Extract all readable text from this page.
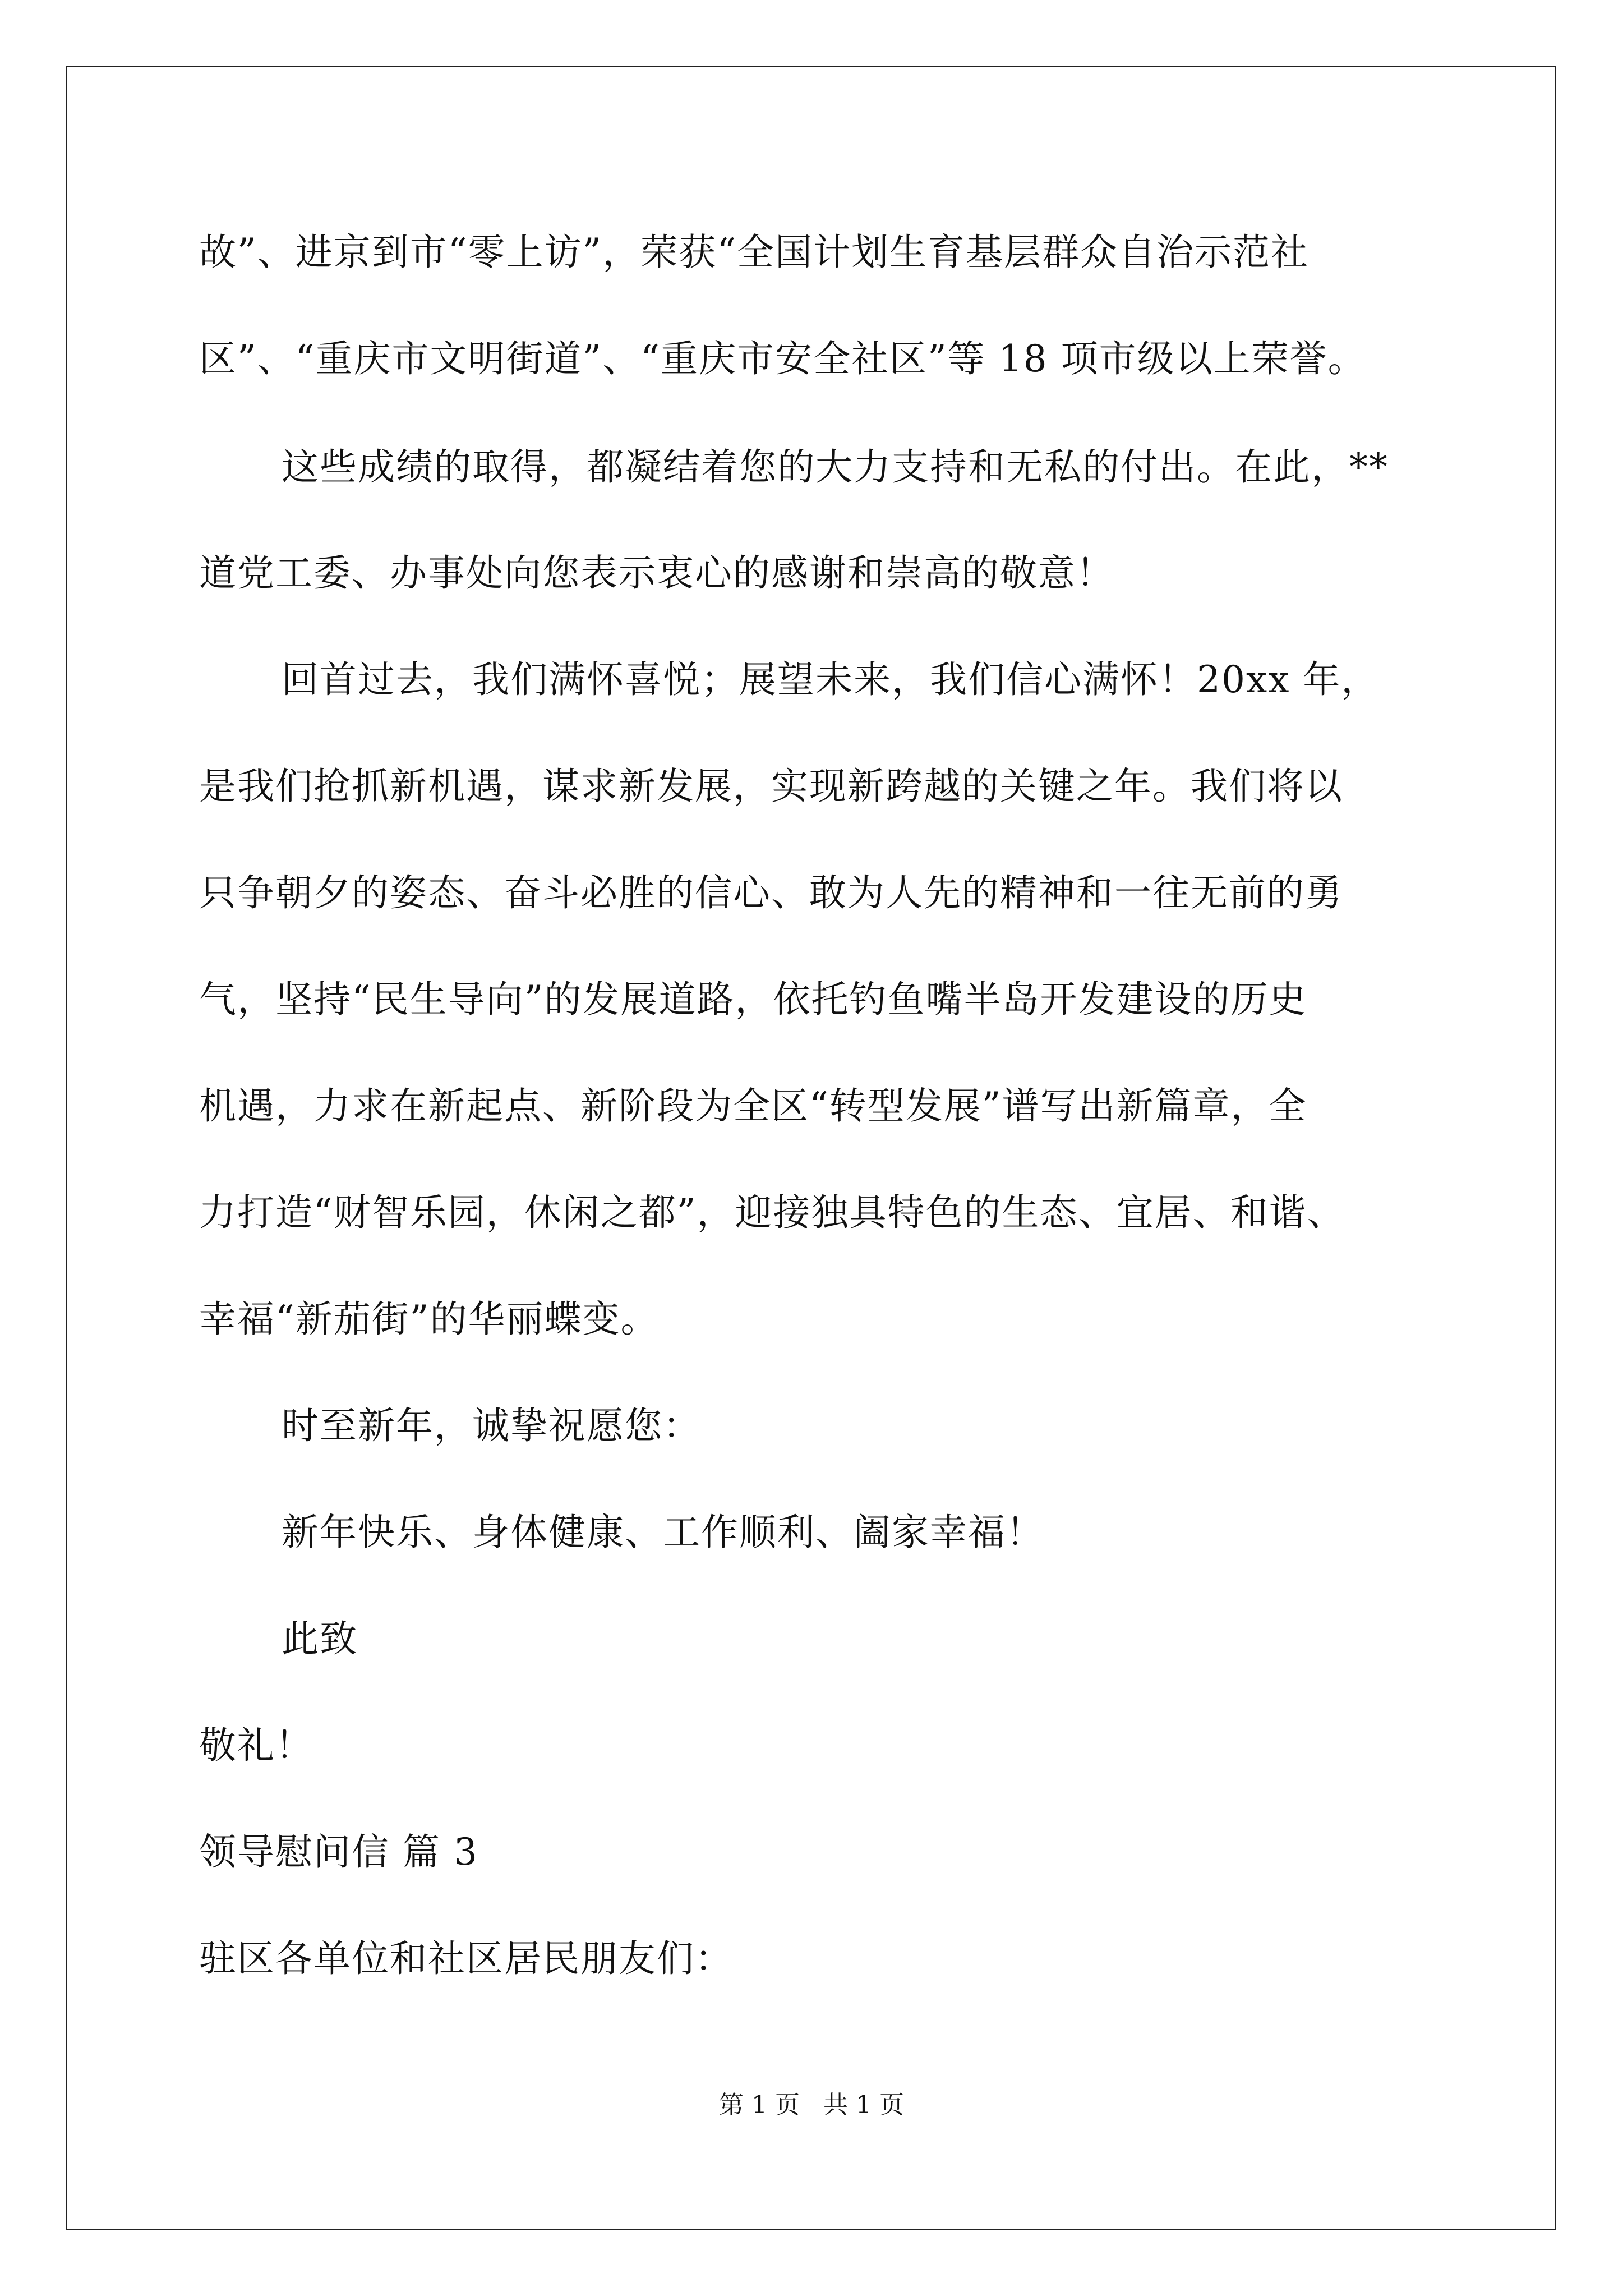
故”、进京到市“零上访”，荣获“全国计划生育基层群众自治示范社
区”、“重庆市文明街道”、“重庆市安全社区”等 18 项市级以上荣誉。
这些成绩的取得，都凝结着您的大力支持和无私的付出。在此，**
道党工委、办事处向您表示衷心的感谢和崇高的敬意！
回首过去，我们满怀喜悦；展望未来，我们信心满怀！20xx 年，
是我们抢抓新机遇，谋求新发展，实现新跨越的关键之年。我们将以
只争朝夕的姿态、奋斗必胜的信心、敢为人先的精神和一往无前的勇
气，坚持“民生导向”的发展道路，依托钓鱼嘴半岛开发建设的历史
机遇，力求在新起点、新阶段为全区“转型发展”谱写出新篇章，全
力打造“财智乐园，休闲之都”，迎接独具特色的生态、宜居、和谐、
幸福“新茄街”的华丽蝶变。
时至新年，诚挚祝愿您：
新年快乐、身体健康、工作顺利、阖家幸福！
此致
敬礼！
领导慰问信 篇 3
驻区各单位和社区居民朋友们：
第 1 页   共 1 页
